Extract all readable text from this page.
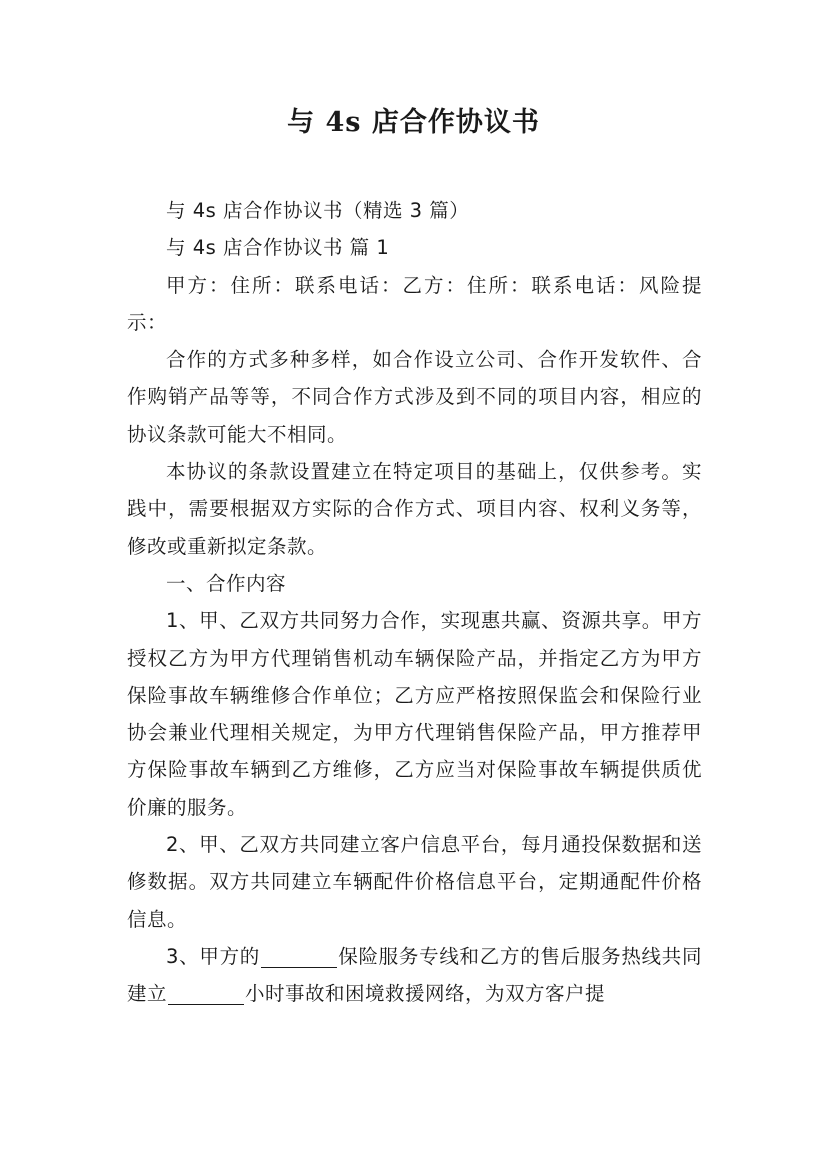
与 4s 店合作协议书

与 4s 店合作协议书（精选 3 篇）

与 4s 店合作协议书 篇 1

甲方：住所：联系电话：乙方：住所：联系电话：风险提示：

合作的方式多种多样，如合作设立公司、合作开发软件、合作购销产品等等，不同合作方式涉及到不同的项目内容，相应的协议条款可能大不相同。

本协议的条款设置建立在特定项目的基础上，仅供参考。实践中，需要根据双方实际的合作方式、项目内容、权利义务等，修改或重新拟定条款。

一、合作内容

1、甲、乙双方共同努力合作，实现惠共赢、资源共享。甲方授权乙方为甲方代理销售机动车辆保险产品，并指定乙方为甲方保险事故车辆维修合作单位；乙方应严格按照保监会和保险行业协会兼业代理相关规定，为甲方代理销售保险产品，甲方推荐甲方保险事故车辆到乙方维修，乙方应当对保险事故车辆提供质优价廉的服务。

2、甲、乙双方共同建立客户信息平台，每月通投保数据和送修数据。双方共同建立车辆配件价格信息平台，定期通配件价格信息。

3、甲方的	保险服务专线和乙方的售后服务热线共同建立	小时事故和困境救援网络，为双方客户提
